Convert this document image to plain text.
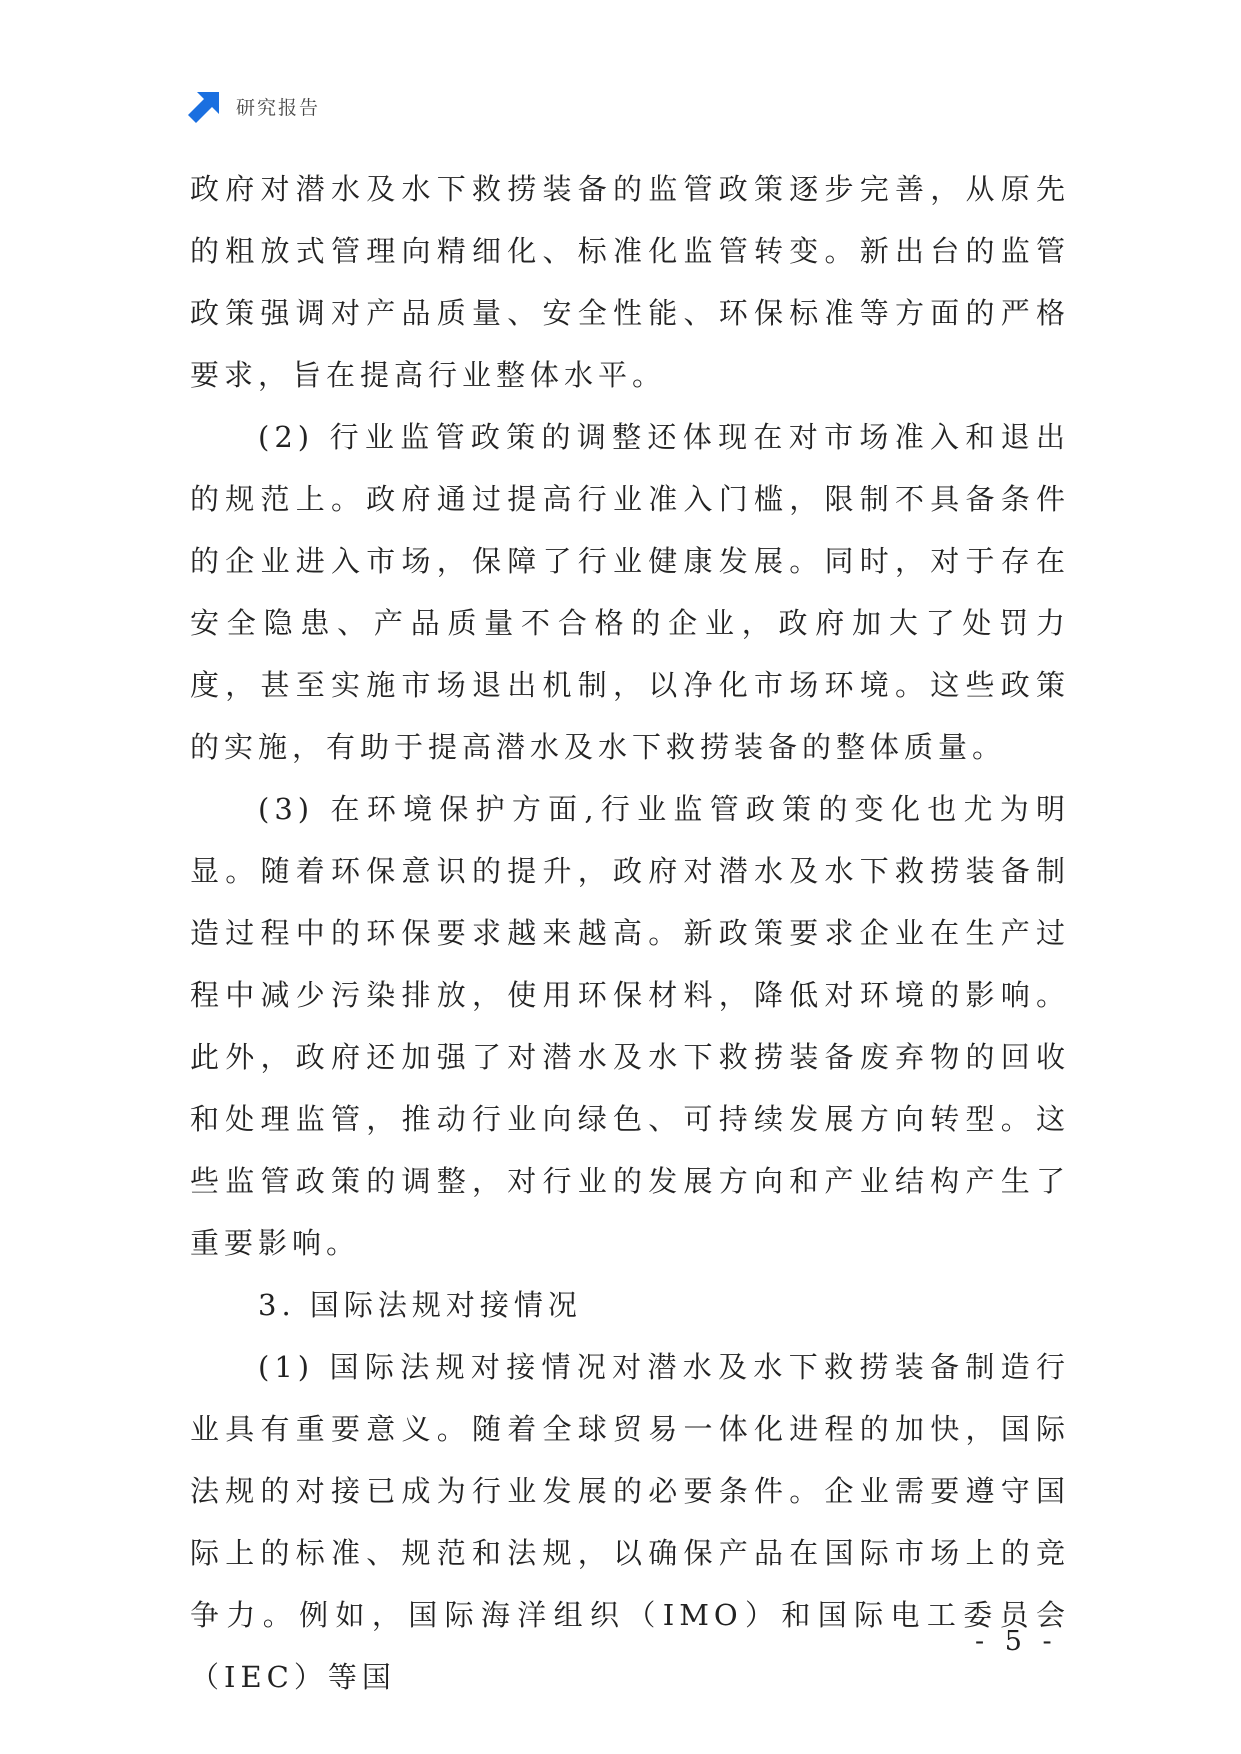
研究报告

政府对潜水及水下救捞装备的监管政策逐步完善，从原先的粗放式管理向精细化、标准化监管转变。新出台的监管政策强调对产品质量、安全性能、环保标准等方面的严格要求，旨在提高行业整体水平。

(2) 行业监管政策的调整还体现在对市场准入和退出的规范上。政府通过提高行业准入门槛，限制不具备条件的企业进入市场，保障了行业健康发展。同时，对于存在安全隐患、产品质量不合格的企业，政府加大了处罚力度，甚至实施市场退出机制，以净化市场环境。这些政策的实施，有助于提高潜水及水下救捞装备的整体质量。

(3) 在环境保护方面,行业监管政策的变化也尤为明显。随着环保意识的提升，政府对潜水及水下救捞装备制造过程中的环保要求越来越高。新政策要求企业在生产过程中减少污染排放，使用环保材料，降低对环境的影响。此外，政府还加强了对潜水及水下救捞装备废弃物的回收和处理监管，推动行业向绿色、可持续发展方向转型。这些监管政策的调整，对行业的发展方向和产业结构产生了重要影响。

3. 国际法规对接情况

(1) 国际法规对接情况对潜水及水下救捞装备制造行业具有重要意义。随着全球贸易一体化进程的加快，国际法规的对接已成为行业发展的必要条件。企业需要遵守国际上的标准、规范和法规，以确保产品在国际市场上的竞争力。例如，国际海洋组织（IMO）和国际电工委员会（IEC）等国

- 5 -
